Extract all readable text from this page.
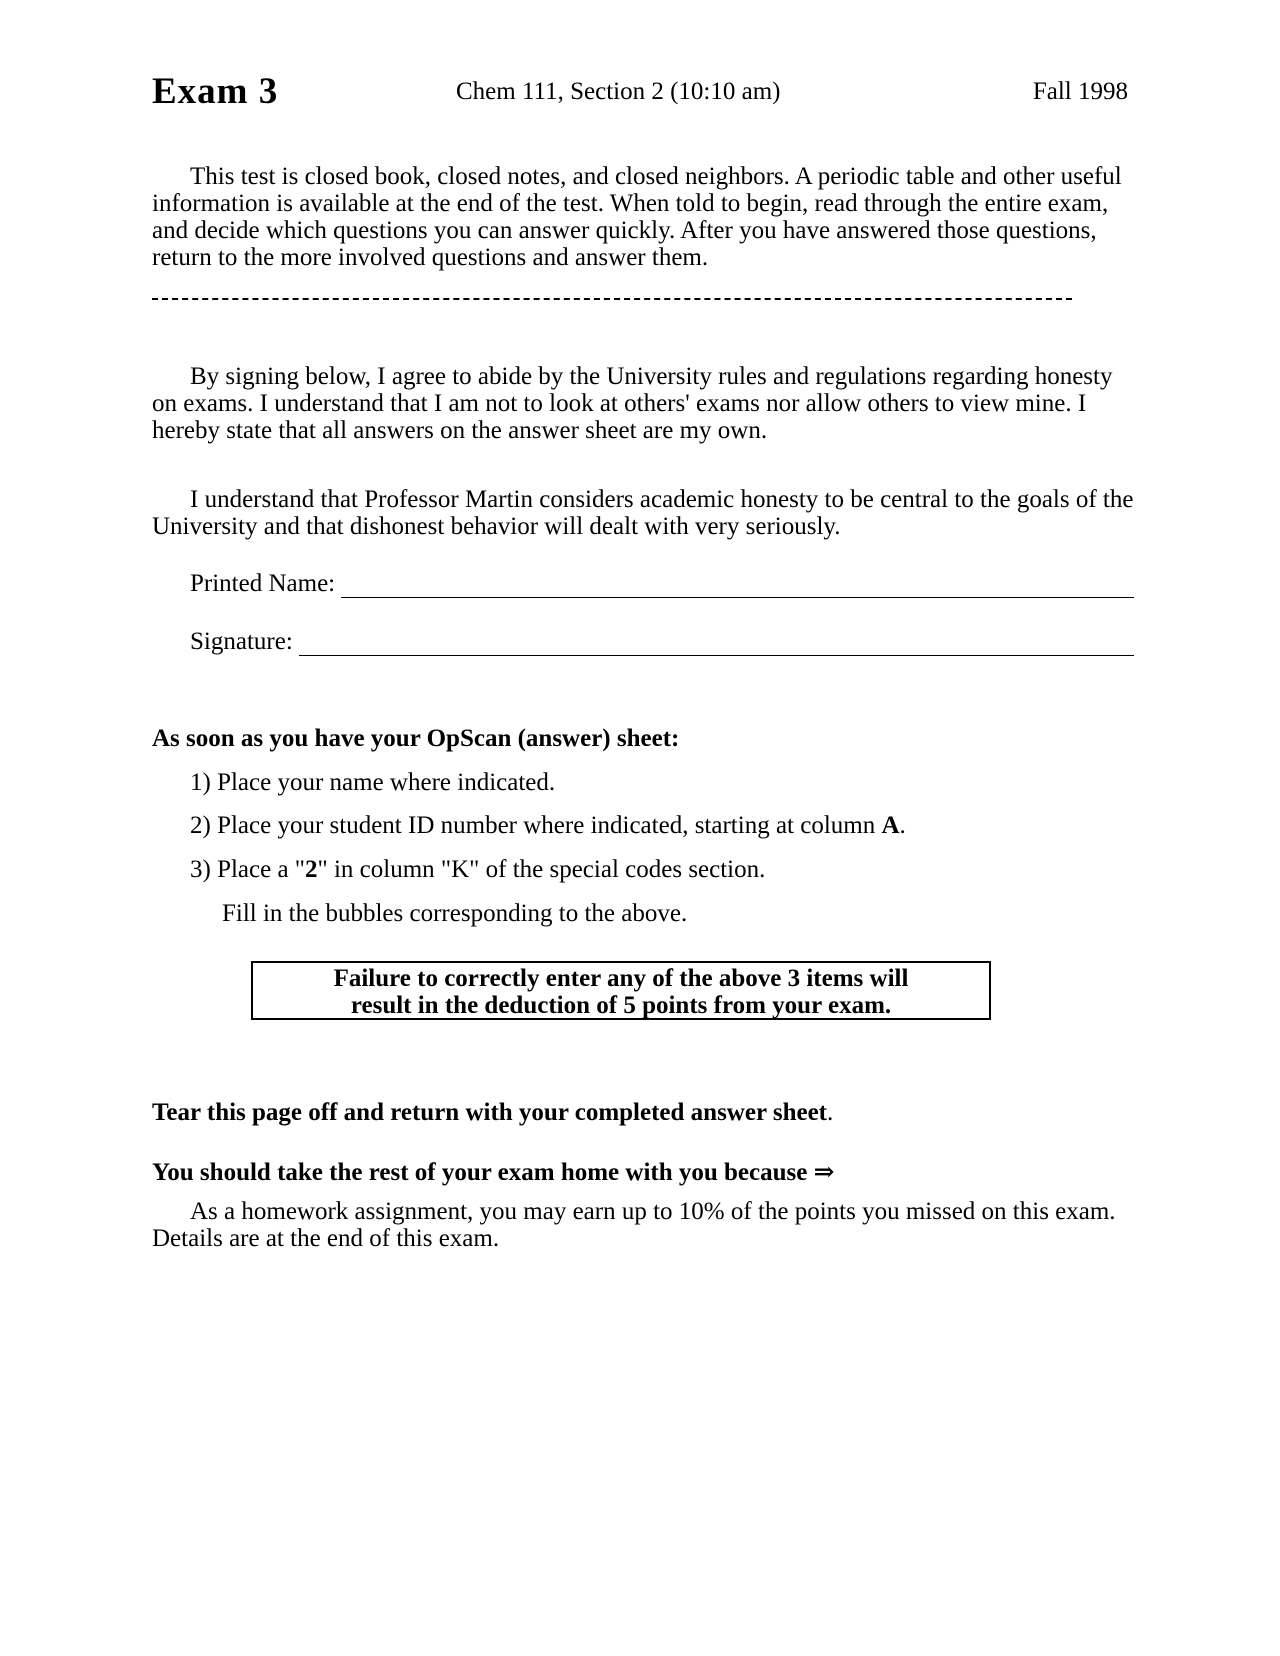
Exam 3	Chem 111, Section 2 (10:10 am)	Fall 1998

This test is closed book, closed notes, and closed neighbors. A periodic table and other useful information is available at the end of the test. When told to begin, read through the entire exam, and decide which questions you can answer quickly. After you have answered those questions, return to the more involved questions and answer them.

By signing below, I agree to abide by the University rules and regulations regarding honesty on exams. I understand that I am not to look at others' exams nor allow others to view mine. I hereby state that all answers on the answer sheet are my own.

I understand that Professor Martin considers academic honesty to be central to the goals of the University and that dishonest behavior will dealt with very seriously.

Printed Name:
Signature:
As soon as you have your OpScan (answer) sheet:
1) Place your name where indicated.
2) Place your student ID number where indicated, starting at column A.
3) Place a "2" in column "K" of the special codes section.
Fill in the bubbles corresponding to the above.
Failure to correctly enter any of the above 3 items will
result in the deduction of 5 points from your exam.
Tear this page off and return with your completed answer sheet.
You should take the rest of your exam home with you because ⇒

As a homework assignment, you may earn up to 10% of the points you missed on this exam. Details are at the end of this exam.
